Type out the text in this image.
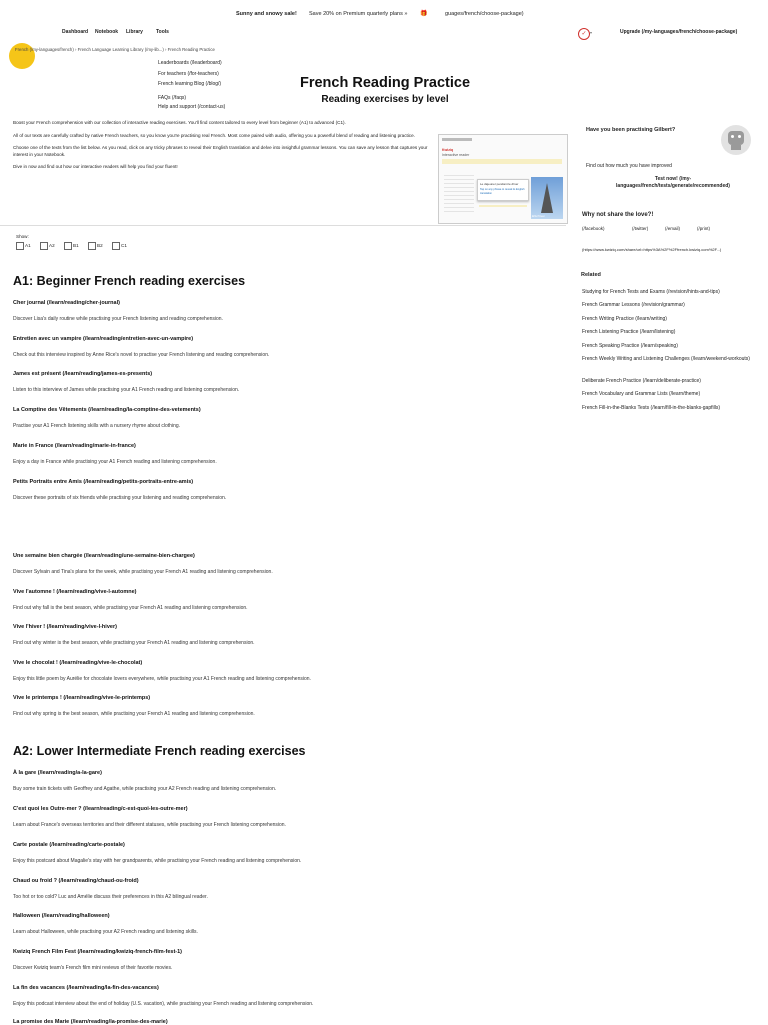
Sunny and snowy sale! Save 20% on Premium quarterly plans » 🎁	guages/french/choose-package)
Dashboard Notebook Library	Tools	✓ ▾	Upgrade (/my-languages/french/choose-package)
French (/my-languages/french) › French Language Learning Library (/my-lib...) › French Reading Practice
Leaderboards (/leaderboard)
For teachers (/for-teachers)
French learning Blog (/blog/)
FAQs (/faqs)
Help and support (/contact-us)
French Reading Practice
Reading exercises by level

Boost your French comprehension with our collection of interactive reading exercises. You'll find content tailored to every level from beginner (A1) to advanced (C1).

All of our texts are carefully crafted by native French teachers, so you know you're practising real French. Most come paired with audio, offering you a powerful blend of reading and listening practice.

Choose one of the texts from the list below. As you read, click on any tricky phrases to reveal their English translation and delve into insightful grammar lessons. You can save any lesson that captures your interest in your Notebook.

Dive in now and find out how our interactive readers will help you find your fluent!

Kwiziq
Interactive reader
Le déjeuner pendant le dîner
Tap on any phrase to reveal its English translation
Eiffel Tower
Show:
A1	A2	B1	B2	C1
A1: Beginner French reading exercises
Cher journal (/learn/reading/cher-journal)
Discover Lisa's daily routine while practising your French listening and reading comprehension.
Entretien avec un vampire (/learn/reading/entretien-avec-un-vampire)
Check out this interview inspired by Anne Rice's novel to practise your French listening and reading comprehension.
James est présent (/learn/reading/james-es-presents)
Listen to this interview of James while practising your A1 French reading and listening comprehension.
La Comptine des Vêtements (/learn/reading/la-comptine-des-vetements)
Practise your A1 French listening skills with a nursery rhyme about clothing.
Marie in France (/learn/reading/marie-in-france)
Enjoy a day in France while practising your A1 French reading and listening comprehension.
Petits Portraits entre Amis (/learn/reading/petits-portraits-entre-amis)
Discover these portraits of six friends while practising your listening and reading comprehension.
Une semaine bien chargée (/learn/reading/une-semaine-bien-chargee)
Discover Sylvain and Tina's plans for the week, while practising your French A1 reading and listening comprehension.
Vive l'automne ! (/learn/reading/vive-l-automne)
Find out why fall is the best season, while practising your French A1 reading and listening comprehension.
Vive l'hiver ! (/learn/reading/vive-l-hiver)
Find out why winter is the best season, while practising your French A1 reading and listening comprehension.
Vive le chocolat ! (/learn/reading/vive-le-chocolat)
Enjoy this little poem by Aurélie for chocolate lovers everywhere, while practising your A1 French reading and listening comprehension.
Vive le printemps ! (/learn/reading/vive-le-printemps)
Find out why spring is the best season, while practising your French A1 reading and listening comprehension.
A2: Lower Intermediate French reading exercises
À la gare (/learn/reading/a-la-gare)
Buy some train tickets with Geoffrey and Agathe, while practising your A2 French reading and listening comprehension.
C'est quoi les Outre-mer ? (/learn/reading/c-est-quoi-les-outre-mer)
Learn about France's overseas territories and their different statuses, while practising your French listening comprehension.
Carte postale (/learn/reading/carte-postale)
Enjoy this postcard about Magalie's stay with her grandparents, while practising your French reading and listening comprehension.
Chaud ou froid ? (/learn/reading/chaud-ou-froid)
Too hot or too cold? Luc and Amélie discuss their preferences in this A2 bilingual reader.
Halloween (/learn/reading/halloween)
Learn about Halloween, while practising your A2 French reading and listening skills.
Kwiziq French Film Fest (/learn/reading/kwiziq-french-film-fest-1)
Discover Kwiziq team's French film mini reviews of their favorite movies.
La fin des vacances (/learn/reading/la-fin-des-vacances)
Enjoy this podcast interview about the end of holiday (U.S. vacation), while practising your French reading and listening comprehension.
La promise des Marie (/learn/reading/la-promise-des-marie)
Have you been practising Gilbert?
Find out how much you have improved
Test now! (/my-languages/french/tests/generate/recommended)
Why not share the love?!
(/facebook)	(/twitter)	(/email)	(/print)
(https://www.kwiziq.com/share/url=https%3A%2F%2Ffrench.kwiziq.com%2F...)
Related
Studying for French Tests and Exams (/revision/hints-and-tips)
French Grammar Lessons (/revision/grammar)
French Writing Practice (/learn/writing)
French Listening Practice (/learn/listening)
French Speaking Practice (/learn/speaking)
French Weekly Writing and Listening Challenges (/learn/weekend-workouts)
Deliberate French Practice (/learn/deliberate-practice)
French Vocabulary and Grammar Lists (/learn/theme)
French Fill-in-the-Blanks Tests (/learn/fill-in-the-blanks-gapfills)
